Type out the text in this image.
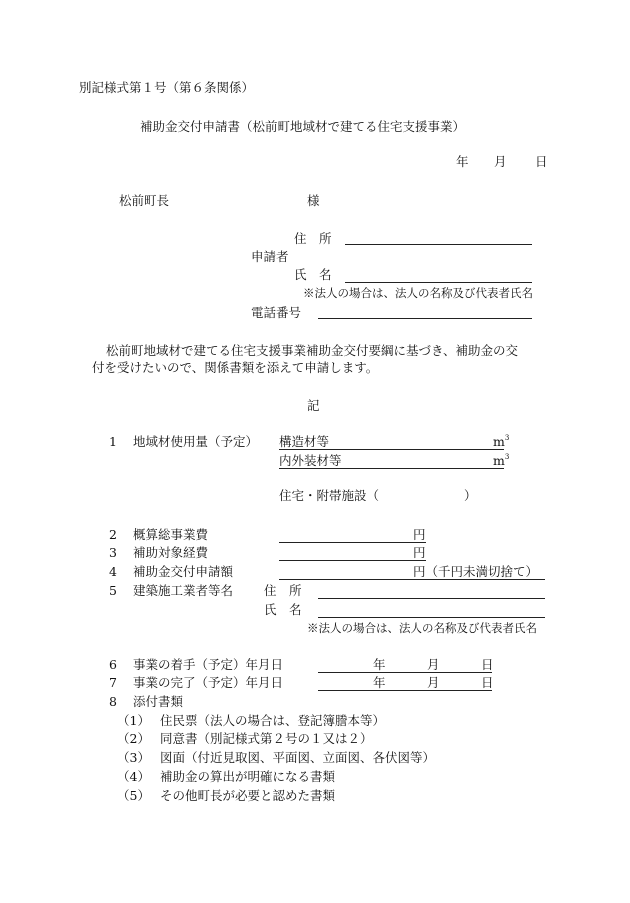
別記様式第１号（第６条関係）
補助金交付申請書（松前町地域材で建てる住宅支援事業）
年 月 日
松前町長	様
住　所
申請者
氏　名
※法人の場合は、法人の名称及び代表者氏名
電話番号
松前町地域材で建てる住宅支援事業補助金交付要綱に基づき、補助金の交
付を受けたいので、関係書類を添えて申請します。
記
1 地域材使用量（予定） 構造材等	$m^3$
内外装材等	$m^3$
住宅・附帯施設（	）
2 概算総事業費	円
3 補助対象経費	円
4 補助金交付申請額	円（千円未満切捨て）
5 建築施工業者等名 住　所
氏　名
※法人の場合は、法人の名称及び代表者氏名
6 事業の着手（予定）年月日	年	月	日
7 事業の完了（予定）年月日	年	月	日
8 添付書類
（1） 住民票（法人の場合は、登記簿謄本等）
（2） 同意書（別記様式第２号の１又は２）
（3） 図面（付近見取図、平面図、立面図、各伏図等）
（4） 補助金の算出が明確になる書類
（5） その他町長が必要と認めた書類
